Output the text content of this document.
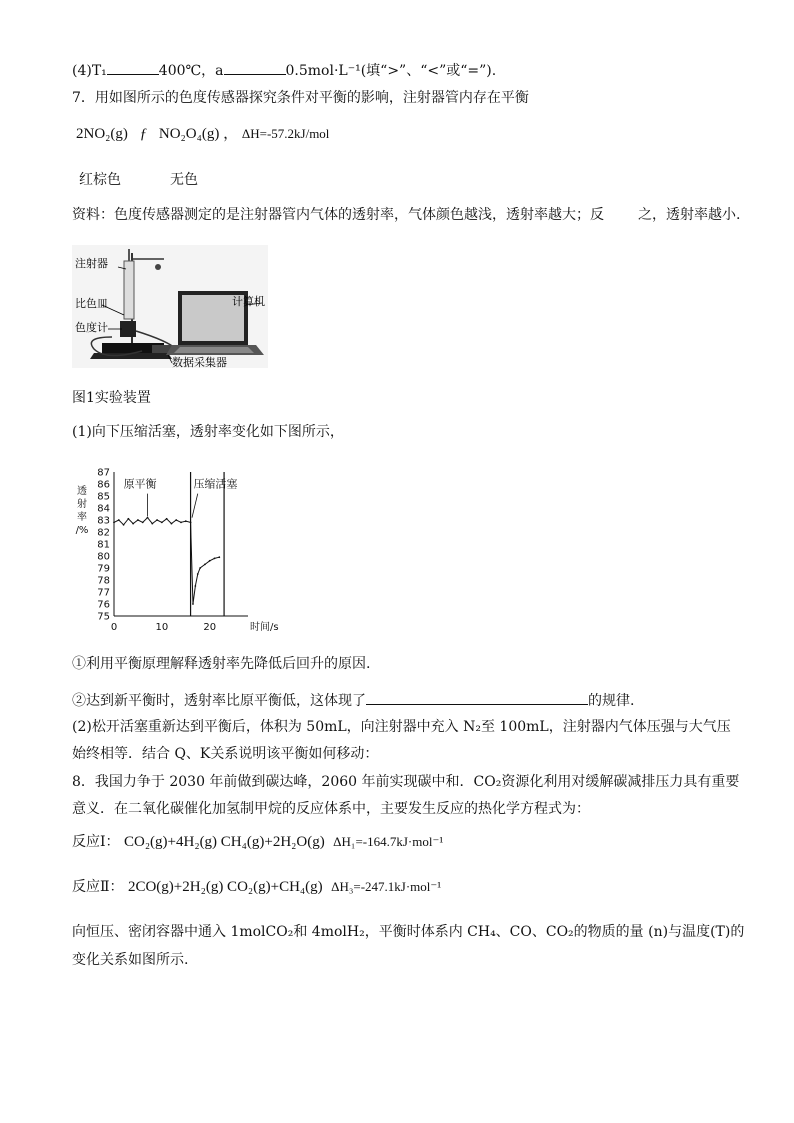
(4)T₁	400℃，a	0.5mol·L⁻¹(填“>”、“<”或“=”).
7．用如图所示的色度传感器探究条件对平衡的影响，注射器管内存在平衡
2NO₂(g) ƒ NO₂O₄(g) ， ΔH=-57.2kJ/mol
红棕色	无色
资料：色度传感器测定的是注射器管内气体的透射率，气体颜色越浅，透射率越大；反 之，透射率越小.
注射器
比色皿
色度计
计算机
数据采集器
图1实验装置
(1)向下压缩活塞，透射率变化如下图所示，
87
86
85
84
83
82
81
80
79
78
77
76
75
0	10	20	时间/s
透
射
率
/%
原平衡	压缩活塞
①利用平衡原理解释透射率先降低后回升的原因.
②达到新平衡时，透射率比原平衡低，这体现了	的规律.
(2)松开活塞重新达到平衡后，体积为 50mL，向注射器中充入 N₂至 100mL，注射器内气体压强与大气压
始终相等．结合 Q、K关系说明该平衡如何移动：
8．我国力争于 2030 年前做到碳达峰，2060 年前实现碳中和．CO₂资源化利用对缓解碳减排压力具有重要
意义．在二氧化碳催化加氢制甲烷的反应体系中，主要发生反应的热化学方程式为：
反应Ⅰ： CO₂(g)+4H₂(g) CH₄(g)+2H₂O(g) ΔH₁=-164.7kJ·mol⁻¹
反应Ⅱ： 2CO(g)+2H₂(g) CO₂(g)+CH₄(g) ΔH₃=-247.1kJ·mol⁻¹
向恒压、密闭容器中通入 1molCO₂和 4molH₂，平衡时体系内 CH₄、CO、CO₂的物质的量 (n)与温度(T)的
变化关系如图所示.
